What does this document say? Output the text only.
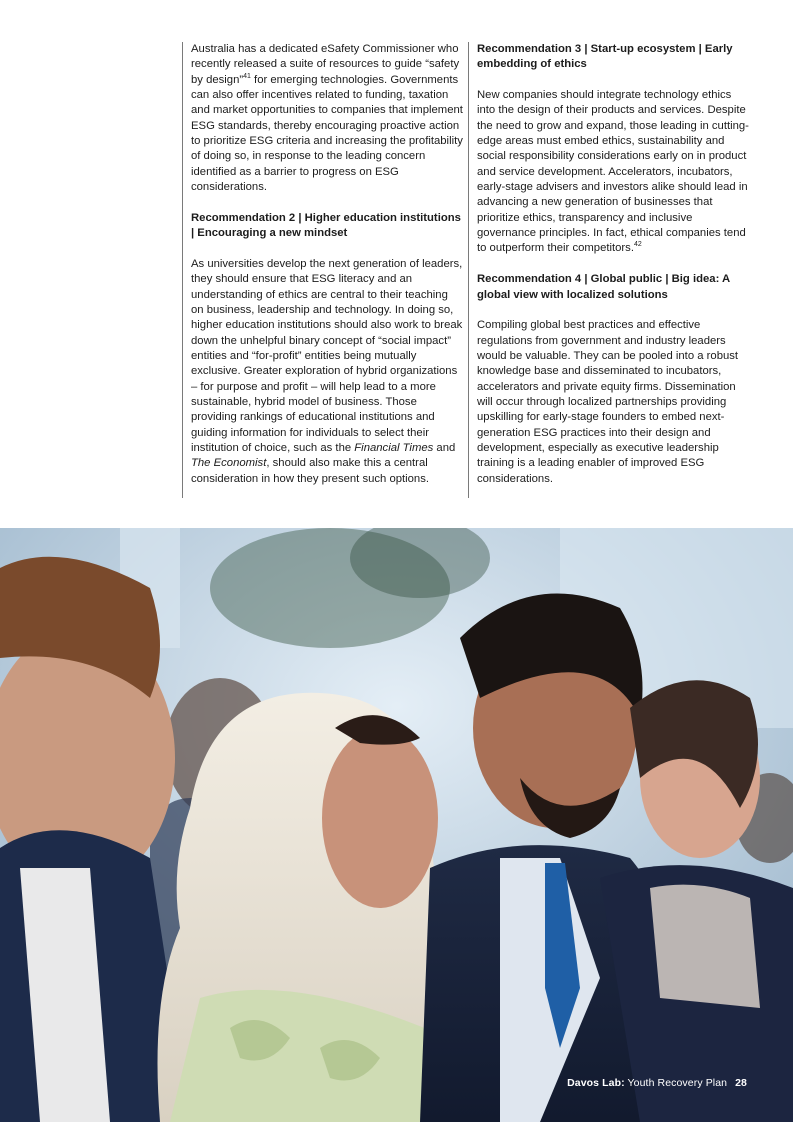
Australia has a dedicated eSafety Commissioner who recently released a suite of resources to guide “safety by design”$^{41}$ for emerging technologies. Governments can also offer incentives related to funding, taxation and market opportunities to companies that implement ESG standards, thereby encouraging proactive action to prioritize ESG criteria and increasing the profitability of doing so, in response to the leading concern identified as a barrier to progress on ESG considerations.

Recommendation 2 | Higher education institutions | Encouraging a new mindset

As universities develop the next generation of leaders, they should ensure that ESG literacy and an understanding of ethics are central to their teaching on business, leadership and technology. In doing so, higher education institutions should also work to break down the unhelpful binary concept of “social impact” entities and “for-profit” entities being mutually exclusive. Greater exploration of hybrid organizations – for purpose and profit – will help lead to a more sustainable, hybrid model of business. Those providing rankings of educational institutions and guiding information for individuals to select their institution of choice, such as the Financial Times and The Economist, should also make this a central consideration in how they present such options.

Recommendation 3 | Start-up ecosystem | Early embedding of ethics

New companies should integrate technology ethics into the design of their products and services. Despite the need to grow and expand, those leading in cutting-edge areas must embed ethics, sustainability and social responsibility considerations early on in product and service development. Accelerators, incubators, early-stage advisers and investors alike should lead in advancing a new generation of businesses that prioritize ethics, transparency and inclusive governance principles. In fact, ethical companies tend to outperform their competitors.$^{42}$

Recommendation 4 | Global public | Big idea: A global view with localized solutions

Compiling global best practices and effective regulations from government and industry leaders would be valuable. They can be pooled into a robust knowledge base and disseminated to incubators, accelerators and private equity firms. Dissemination will occur through localized partnerships providing upskilling for early-stage founders to embed next-generation ESG practices into their design and development, especially as executive leadership training is a leading enabler of improved ESG considerations.

Davos Lab: Youth Recovery Plan 28
